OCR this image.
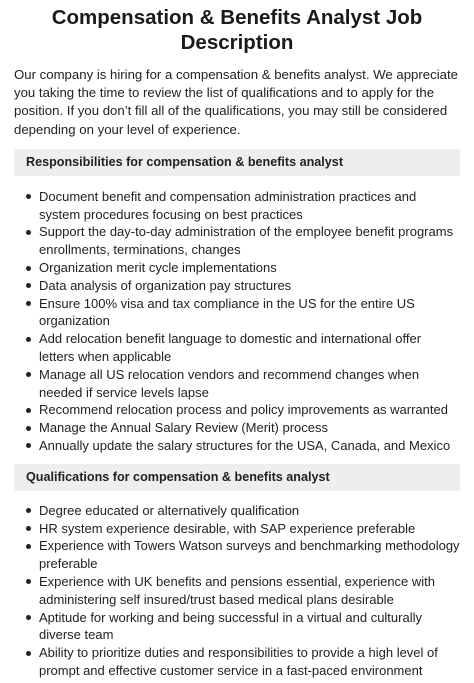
Compensation & Benefits Analyst Job Description

Our company is hiring for a compensation & benefits analyst. We appreciate you taking the time to review the list of qualifications and to apply for the position. If you don’t fill all of the qualifications, you may still be considered depending on your level of experience.

Responsibilities for compensation & benefits analyst
Document benefit and compensation administration practices and system procedures focusing on best practices
Support the day-to-day administration of the employee benefit programs enrollments, terminations, changes
Organization merit cycle implementations
Data analysis of organization pay structures
Ensure 100% visa and tax compliance in the US for the entire US organization
Add relocation benefit language to domestic and international offer letters when applicable
Manage all US relocation vendors and recommend changes when needed if service levels lapse
Recommend relocation process and policy improvements as warranted
Manage the Annual Salary Review (Merit) process
Annually update the salary structures for the USA, Canada, and Mexico
Qualifications for compensation & benefits analyst
Degree educated or alternatively qualification
HR system experience desirable, with SAP experience preferable
Experience with Towers Watson surveys and benchmarking methodology preferable
Experience with UK benefits and pensions essential, experience with administering self insured/trust based medical plans desirable
Aptitude for working and being successful in a virtual and culturally diverse team
Ability to prioritize duties and responsibilities to provide a high level of prompt and effective customer service in a fast-paced environment
